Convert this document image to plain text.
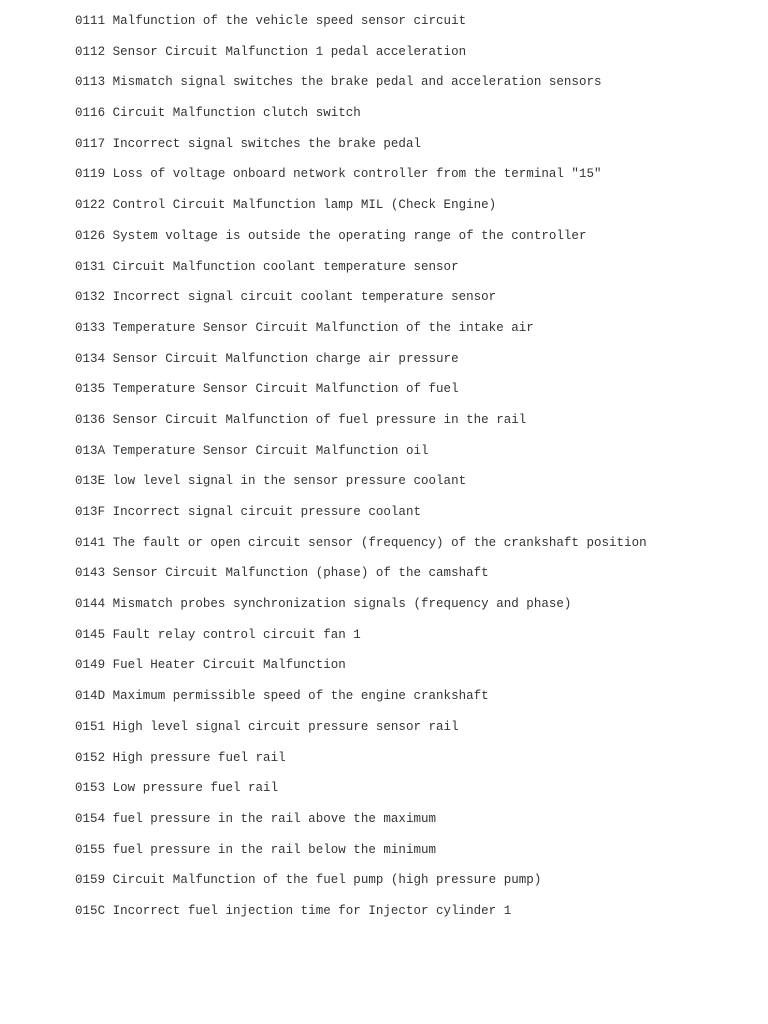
0111 Malfunction of the vehicle speed sensor circuit
0112 Sensor Circuit Malfunction 1 pedal acceleration
0113 Mismatch signal switches the brake pedal and acceleration sensors
0116 Circuit Malfunction clutch switch
0117 Incorrect signal switches the brake pedal
0119 Loss of voltage onboard network controller from the terminal "15"
0122 Control Circuit Malfunction lamp MIL (Check Engine)
0126 System voltage is outside the operating range of the controller
0131 Circuit Malfunction coolant temperature sensor
0132 Incorrect signal circuit coolant temperature sensor
0133 Temperature Sensor Circuit Malfunction of the intake air
0134 Sensor Circuit Malfunction charge air pressure
0135 Temperature Sensor Circuit Malfunction of fuel
0136 Sensor Circuit Malfunction of fuel pressure in the rail
013A Temperature Sensor Circuit Malfunction oil
013E low level signal in the sensor pressure coolant
013F Incorrect signal circuit pressure coolant
0141 The fault or open circuit sensor (frequency) of the crankshaft position
0143 Sensor Circuit Malfunction (phase) of the camshaft
0144 Mismatch probes synchronization signals (frequency and phase)
0145 Fault relay control circuit fan 1
0149 Fuel Heater Circuit Malfunction
014D Maximum permissible speed of the engine crankshaft
0151 High level signal circuit pressure sensor rail
0152 High pressure fuel rail
0153 Low pressure fuel rail
0154 fuel pressure in the rail above the maximum
0155 fuel pressure in the rail below the minimum
0159 Circuit Malfunction of the fuel pump (high pressure pump)
015C Incorrect fuel injection time for Injector cylinder 1
